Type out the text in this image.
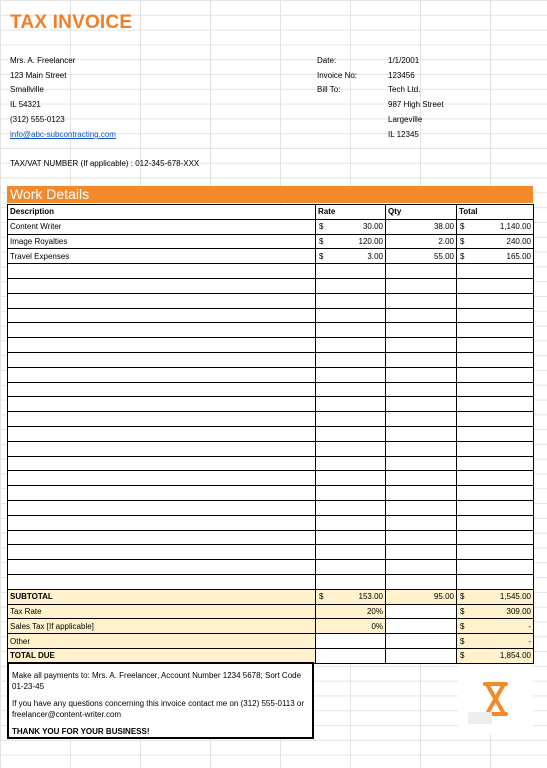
TAX INVOICE
Mrs. A. Freelancer
123 Main Street
Smallville
IL 54321
(312) 555-0123
info@abc-subcontracting.com
Date:	1/1/2001
Invoice No:	123456
Bill To:	Tech Ltd.
987 High Street
Largeville
IL 12345
TAX/VAT NUMBER (If applicable) : 012-345-678-XXX
Work Details
Description	Rate	Qty	Total
Content Writer	$ 30.00	38.00	$ 1,140.00

Image Royalties	$ 120.00	2.00	$ 240.00

Travel Expenses	$ 3.00	55.00	$ 165.00

SUBTOTAL	$ 153.00	95.00	$ 1,545.00

Tax Rate	20%		$ 309.00

Sales Tax [If applicable]	0%		$ -

Other			$ -

TOTAL DUE			$ 1,854.00

Make all payments to: Mrs. A. Freelancer, Account Number 1234 5678; Sort Code 01-23-45

If you have any questions concerning this invoice contact me on (312) 555-0113 or freelancer@content-writer.com

THANK YOU FOR YOUR BUSINESS!
